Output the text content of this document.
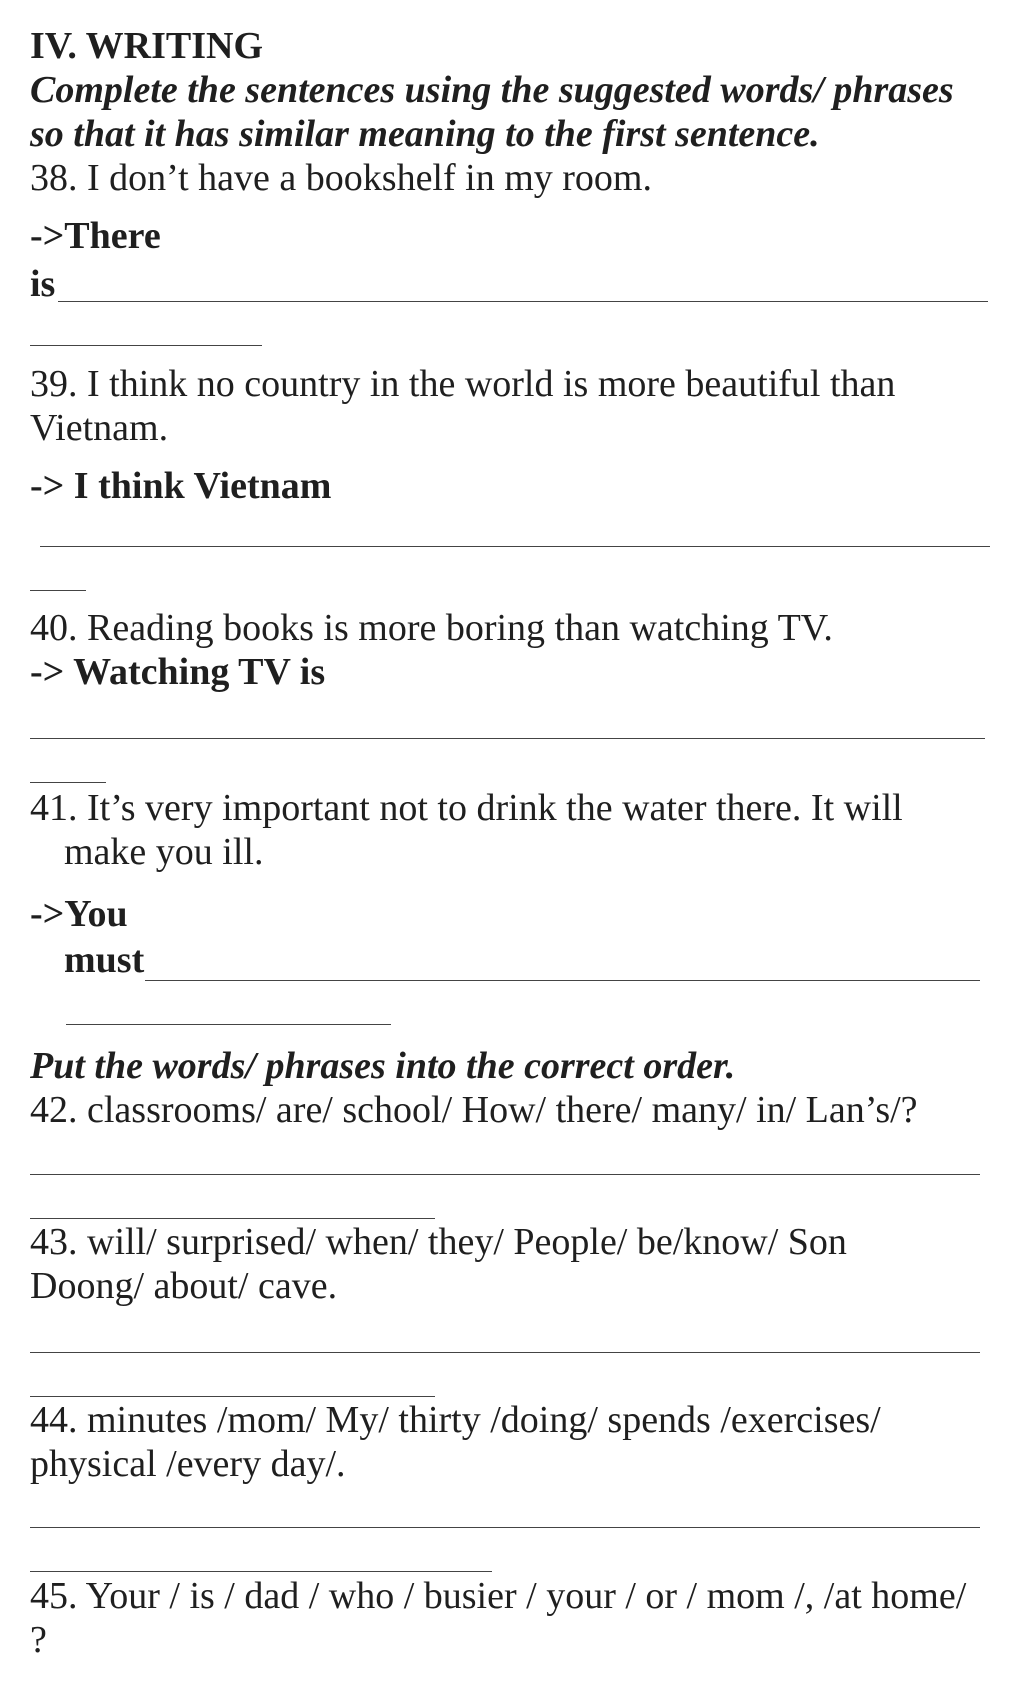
IV. WRITING
Complete the sentences using the suggested words/ phrases
so that it has similar meaning to the first sentence.
38. I don’t have a bookshelf in my room.
->There
is
39. I think no country in the world is more beautiful than
Vietnam.
-> I think Vietnam
40. Reading books is more boring than watching TV.
-> Watching TV is
41. It’s very important not to drink the water there. It will
make you ill.
->You
must
Put the words/ phrases into the correct order.
42. classrooms/ are/ school/ How/ there/ many/ in/ Lan’s/?
43. will/ surprised/ when/ they/ People/ be/know/ Son
Doong/ about/ cave.
44. minutes /mom/ My/ thirty /doing/ spends /exercises/
physical /every day/.
45. Your / is / dad / who / busier / your / or / mom /, /at home/
?
